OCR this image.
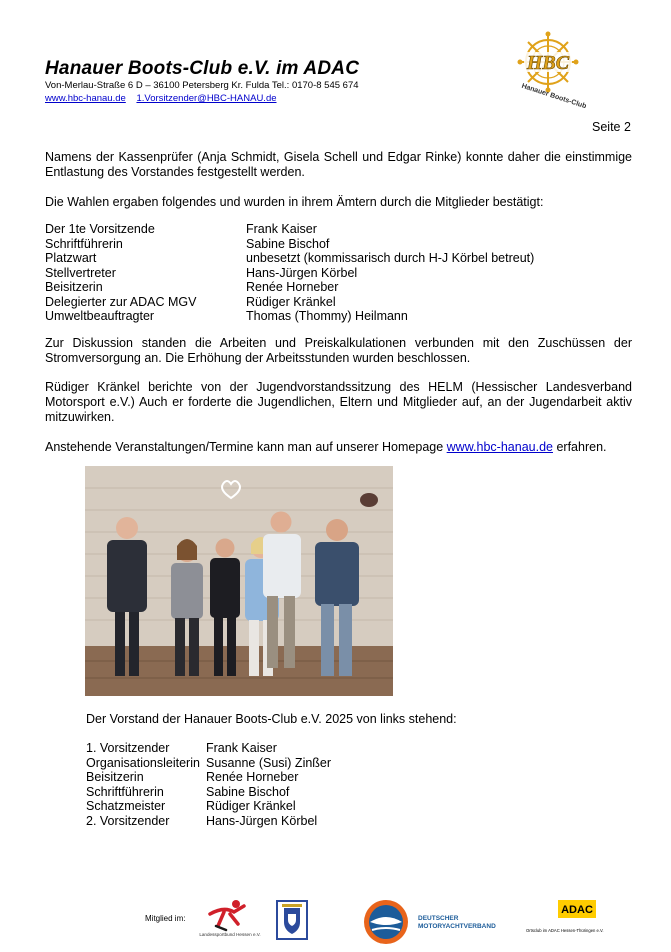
Hanauer Boots-Club e.V. im ADAC
Von-Merlau-Straße 6 D – 36100 Petersberg Kr. Fulda Tel.: 0170-8 545 674
www.hbc-hanau.de 1.Vorsitzender@HBC-HANAU.de
HBC
Hanauer Boots-Club
Seite 2
Namens der Kassenprüfer (Anja Schmidt, Gisela Schell und Edgar Rinke) konnte daher die einstimmige Entlastung des Vorstandes festgestellt werden.
Die Wahlen ergaben folgendes und wurden in ihrem Ämtern durch die Mitglieder bestätigt:
Der 1te Vorsitzende	Frank Kaiser
Schriftführerin	Sabine Bischof
Platzwart	unbesetzt (kommissarisch durch H-J Körbel betreut)
Stellvertreter	Hans-Jürgen Körbel
Beisitzerin	Renée Horneber
Delegierter zur ADAC MGV	Rüdiger Kränkel
Umweltbeauftragter	Thomas (Thommy) Heilmann
Zur Diskussion standen die Arbeiten und Preiskalkulationen verbunden mit den Zuschüssen der Stromversorgung an. Die Erhöhung der Arbeitsstunden wurden beschlossen.
Rüdiger Kränkel berichte von der Jugendvorstandssitzung des HELM (Hessischer Landesverband Motorsport e.V.) Auch er forderte die Jugendlichen, Eltern und Mitglieder auf, an der Jugendarbeit aktiv mitzuwirken.
Anstehende Veranstaltungen/Termine kann man auf unserer Homepage www.hbc-hanau.de erfahren.
Der Vorstand der Hanauer Boots-Club e.V. 2025 von links stehend:
1. Vorsitzender	Frank Kaiser
Organisationsleiterin Susanne (Susi) Zinßer
Beisitzerin	Renée Horneber
Schriftführerin	Sabine Bischof
Schatzmeister	Rüdiger Kränkel
2. Vorsitzender	Hans-Jürgen Körbel
Mitglied im:
Landessportbund Hessen e.V.
DEUTSCHER
MOTORYACHTVERBAND
ADAC
Ortsclub im ADAC Hessen-Thüringen e.V.
